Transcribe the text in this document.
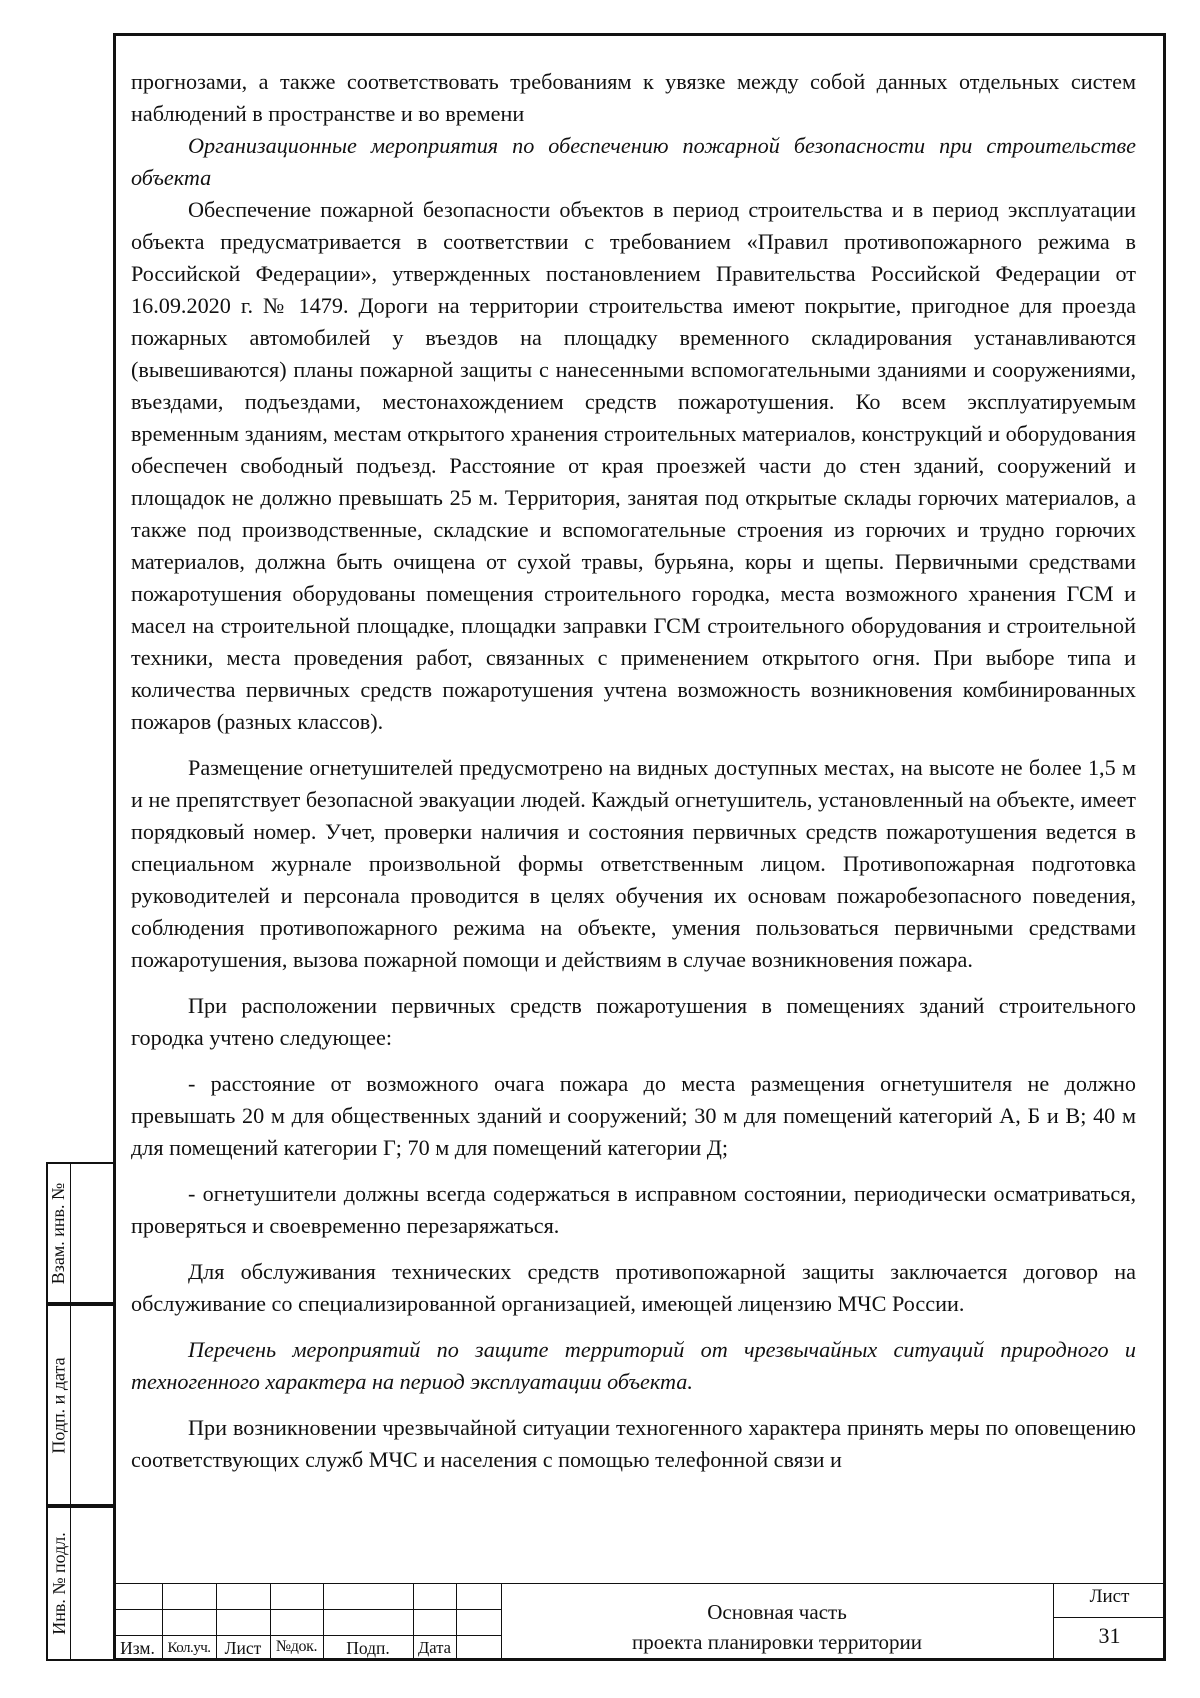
прогнозами, а также соответствовать требованиям к увязке между собой данных отдельных систем наблюдений в пространстве и во времени

Организационные мероприятия по обеспечению пожарной безопасности при строительстве объекта

Обеспечение пожарной безопасности объектов в период строительства и в период эксплуатации объекта предусматривается в соответствии с требованием «Правил противопожарного режима в Российской Федерации», утвержденных постановлением Правительства Российской Федерации от 16.09.2020 г. № 1479. Дороги на территории строительства имеют покрытие, пригодное для проезда пожарных автомобилей у въездов на площадку временного складирования устанавливаются (вывешиваются) планы пожарной защиты с нанесенными вспомогательными зданиями и сооружениями, въездами, подъездами, местонахождением средств пожаротушения. Ко всем эксплуатируемым временным зданиям, местам открытого хранения строительных материалов, конструкций и оборудования обеспечен свободный подъезд. Расстояние от края проезжей части до стен зданий, сооружений и площадок не должно превышать 25 м. Территория, занятая под открытые склады горючих материалов, а также под производственные, складские и вспомогательные строения из горючих и трудно горючих материалов, должна быть очищена от сухой травы, бурьяна, коры и щепы. Первичными средствами пожаротушения оборудованы помещения строительного городка, места возможного хранения ГСМ и масел на строительной площадке, площадки заправки ГСМ строительного оборудования и строительной техники, места проведения работ, связанных с применением открытого огня. При выборе типа и количества первичных средств пожаротушения учтена возможность возникновения комбинированных пожаров (разных классов).

Размещение огнетушителей предусмотрено на видных доступных местах, на высоте не более 1,5 м и не препятствует безопасной эвакуации людей. Каждый огнетушитель, установленный на объекте, имеет порядковый номер. Учет, проверки наличия и состояния первичных средств пожаротушения ведется в специальном журнале произвольной формы ответственным лицом. Противопожарная подготовка руководителей и персонала проводится в целях обучения их основам пожаробезопасного поведения, соблюдения противопожарного режима на объекте, умения пользоваться первичными средствами пожаротушения, вызова пожарной помощи и действиям в случае возникновения пожара.

При расположении первичных средств пожаротушения в помещениях зданий строительного городка учтено следующее:

- расстояние от возможного очага пожара до места размещения огнетушителя не должно превышать 20 м для общественных зданий и сооружений; 30 м для помещений категорий А, Б и В; 40 м для помещений категории Г; 70 м для помещений категории Д;

- огнетушители должны всегда содержаться в исправном состоянии, периодически осматриваться, проверяться и своевременно перезаряжаться.

Для обслуживания технических средств противопожарной защиты заключается договор на обслуживание со специализированной организацией, имеющей лицензию МЧС России.

Перечень мероприятий по защите территорий от чрезвычайных ситуаций природного и техногенного характера на период эксплуатации объекта.

При возникновении чрезвычайной ситуации техногенного характера принять меры по оповещению соответствующих служб МЧС и населения с помощью телефонной связи и

Взам. инв. №
Подп. и дата
Инв. № подл.
Изм. Кол.уч. Лист №док.	Подп.	Дата
Основная часть
проекта планировки территории
Лист
31
